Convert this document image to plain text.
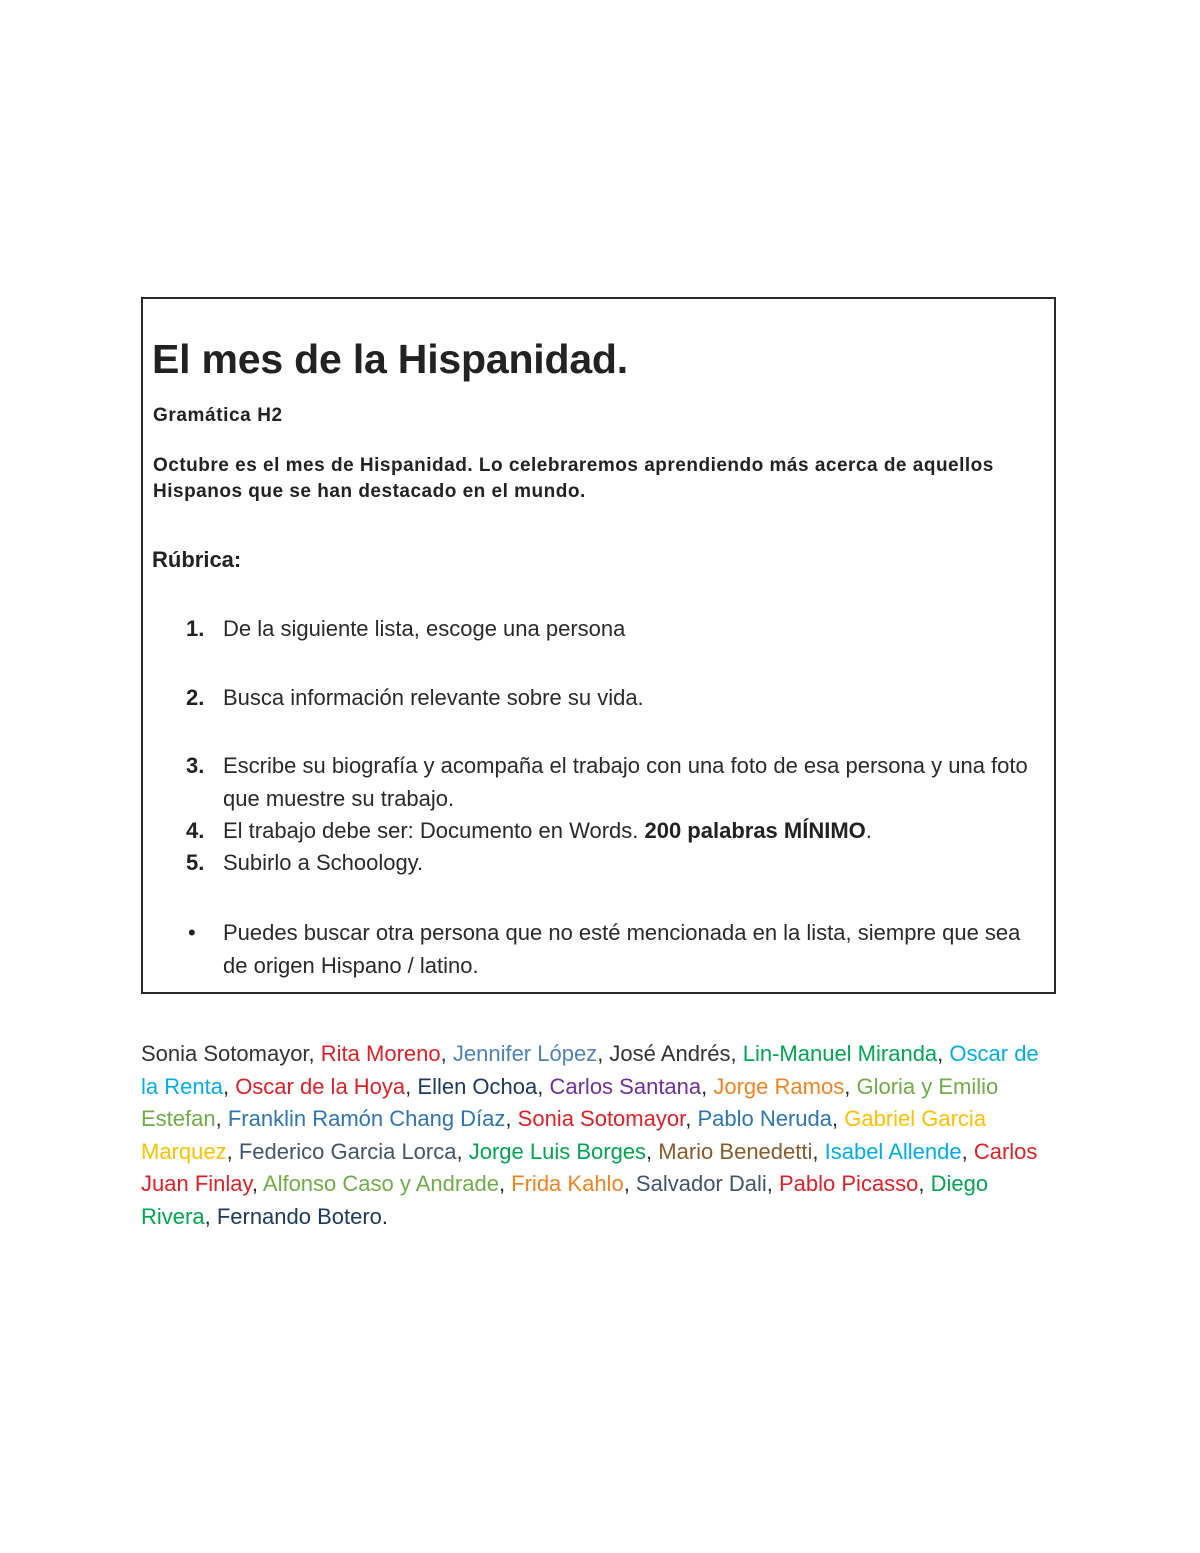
El mes de la Hispanidad.
Gramática H2
Octubre es el mes de Hispanidad. Lo celebraremos aprendiendo más acerca de aquellos Hispanos que se han destacado en el mundo.
Rúbrica:
1. De la siguiente lista, escoge una persona
2. Busca información relevante sobre su vida.
3. Escribe su biografía y acompaña el trabajo con una foto de esa persona y una foto que muestre su trabajo.
4. El trabajo debe ser: Documento en Words. 200 palabras MÍNIMO.
5. Subirlo a Schoology.
• Puedes buscar otra persona que no esté mencionada en la lista, siempre que sea de origen Hispano / latino.
Sonia Sotomayor, Rita Moreno, Jennifer López, José Andrés, Lin-Manuel Miranda, Oscar de la Renta, Oscar de la Hoya, Ellen Ochoa, Carlos Santana, Jorge Ramos, Gloria y Emilio Estefan, Franklin Ramón Chang Díaz, Sonia Sotomayor, Pablo Neruda, Gabriel Garcia Marquez, Federico Garcia Lorca, Jorge Luis Borges, Mario Benedetti, Isabel Allende, Carlos Juan Finlay, Alfonso Caso y Andrade, Frida Kahlo, Salvador Dali, Pablo Picasso, Diego Rivera, Fernando Botero.
